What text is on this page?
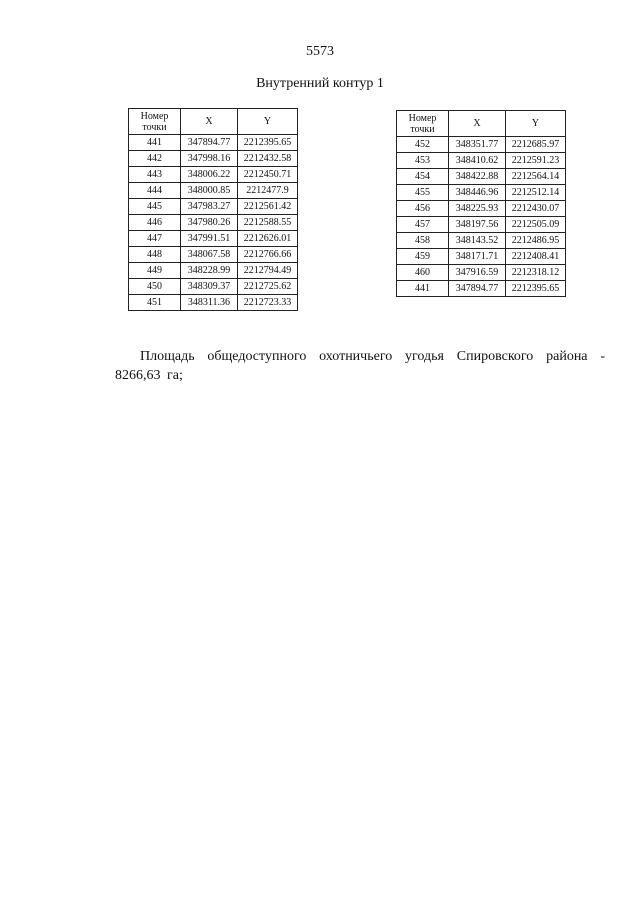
5573
Внутренний контур 1
Номер точки	X	Y
441	347894.77	2212395.65
442	347998.16	2212432.58
443	348006.22	2212450.71
444	348000.85	2212477.9
445	347983.27	2212561.42
446	347980.26	2212588.55
447	347991.51	2212626.01
448	348067.58	2212766.66
449	348228.99	2212794.49
450	348309.37	2212725.62
451	348311.36	2212723.33
Номер точки	X	Y
452	348351.77	2212685.97
453	348410.62	2212591.23
454	348422.88	2212564.14
455	348446.96	2212512.14
456	348225.93	2212430.07
457	348197.56	2212505.09
458	348143.52	2212486.95
459	348171.71	2212408.41
460	347916.59	2212318.12
441	347894.77	2212395.65

Площадь общедоступного охотничьего угодья Спировского района - 8266,63 га;
